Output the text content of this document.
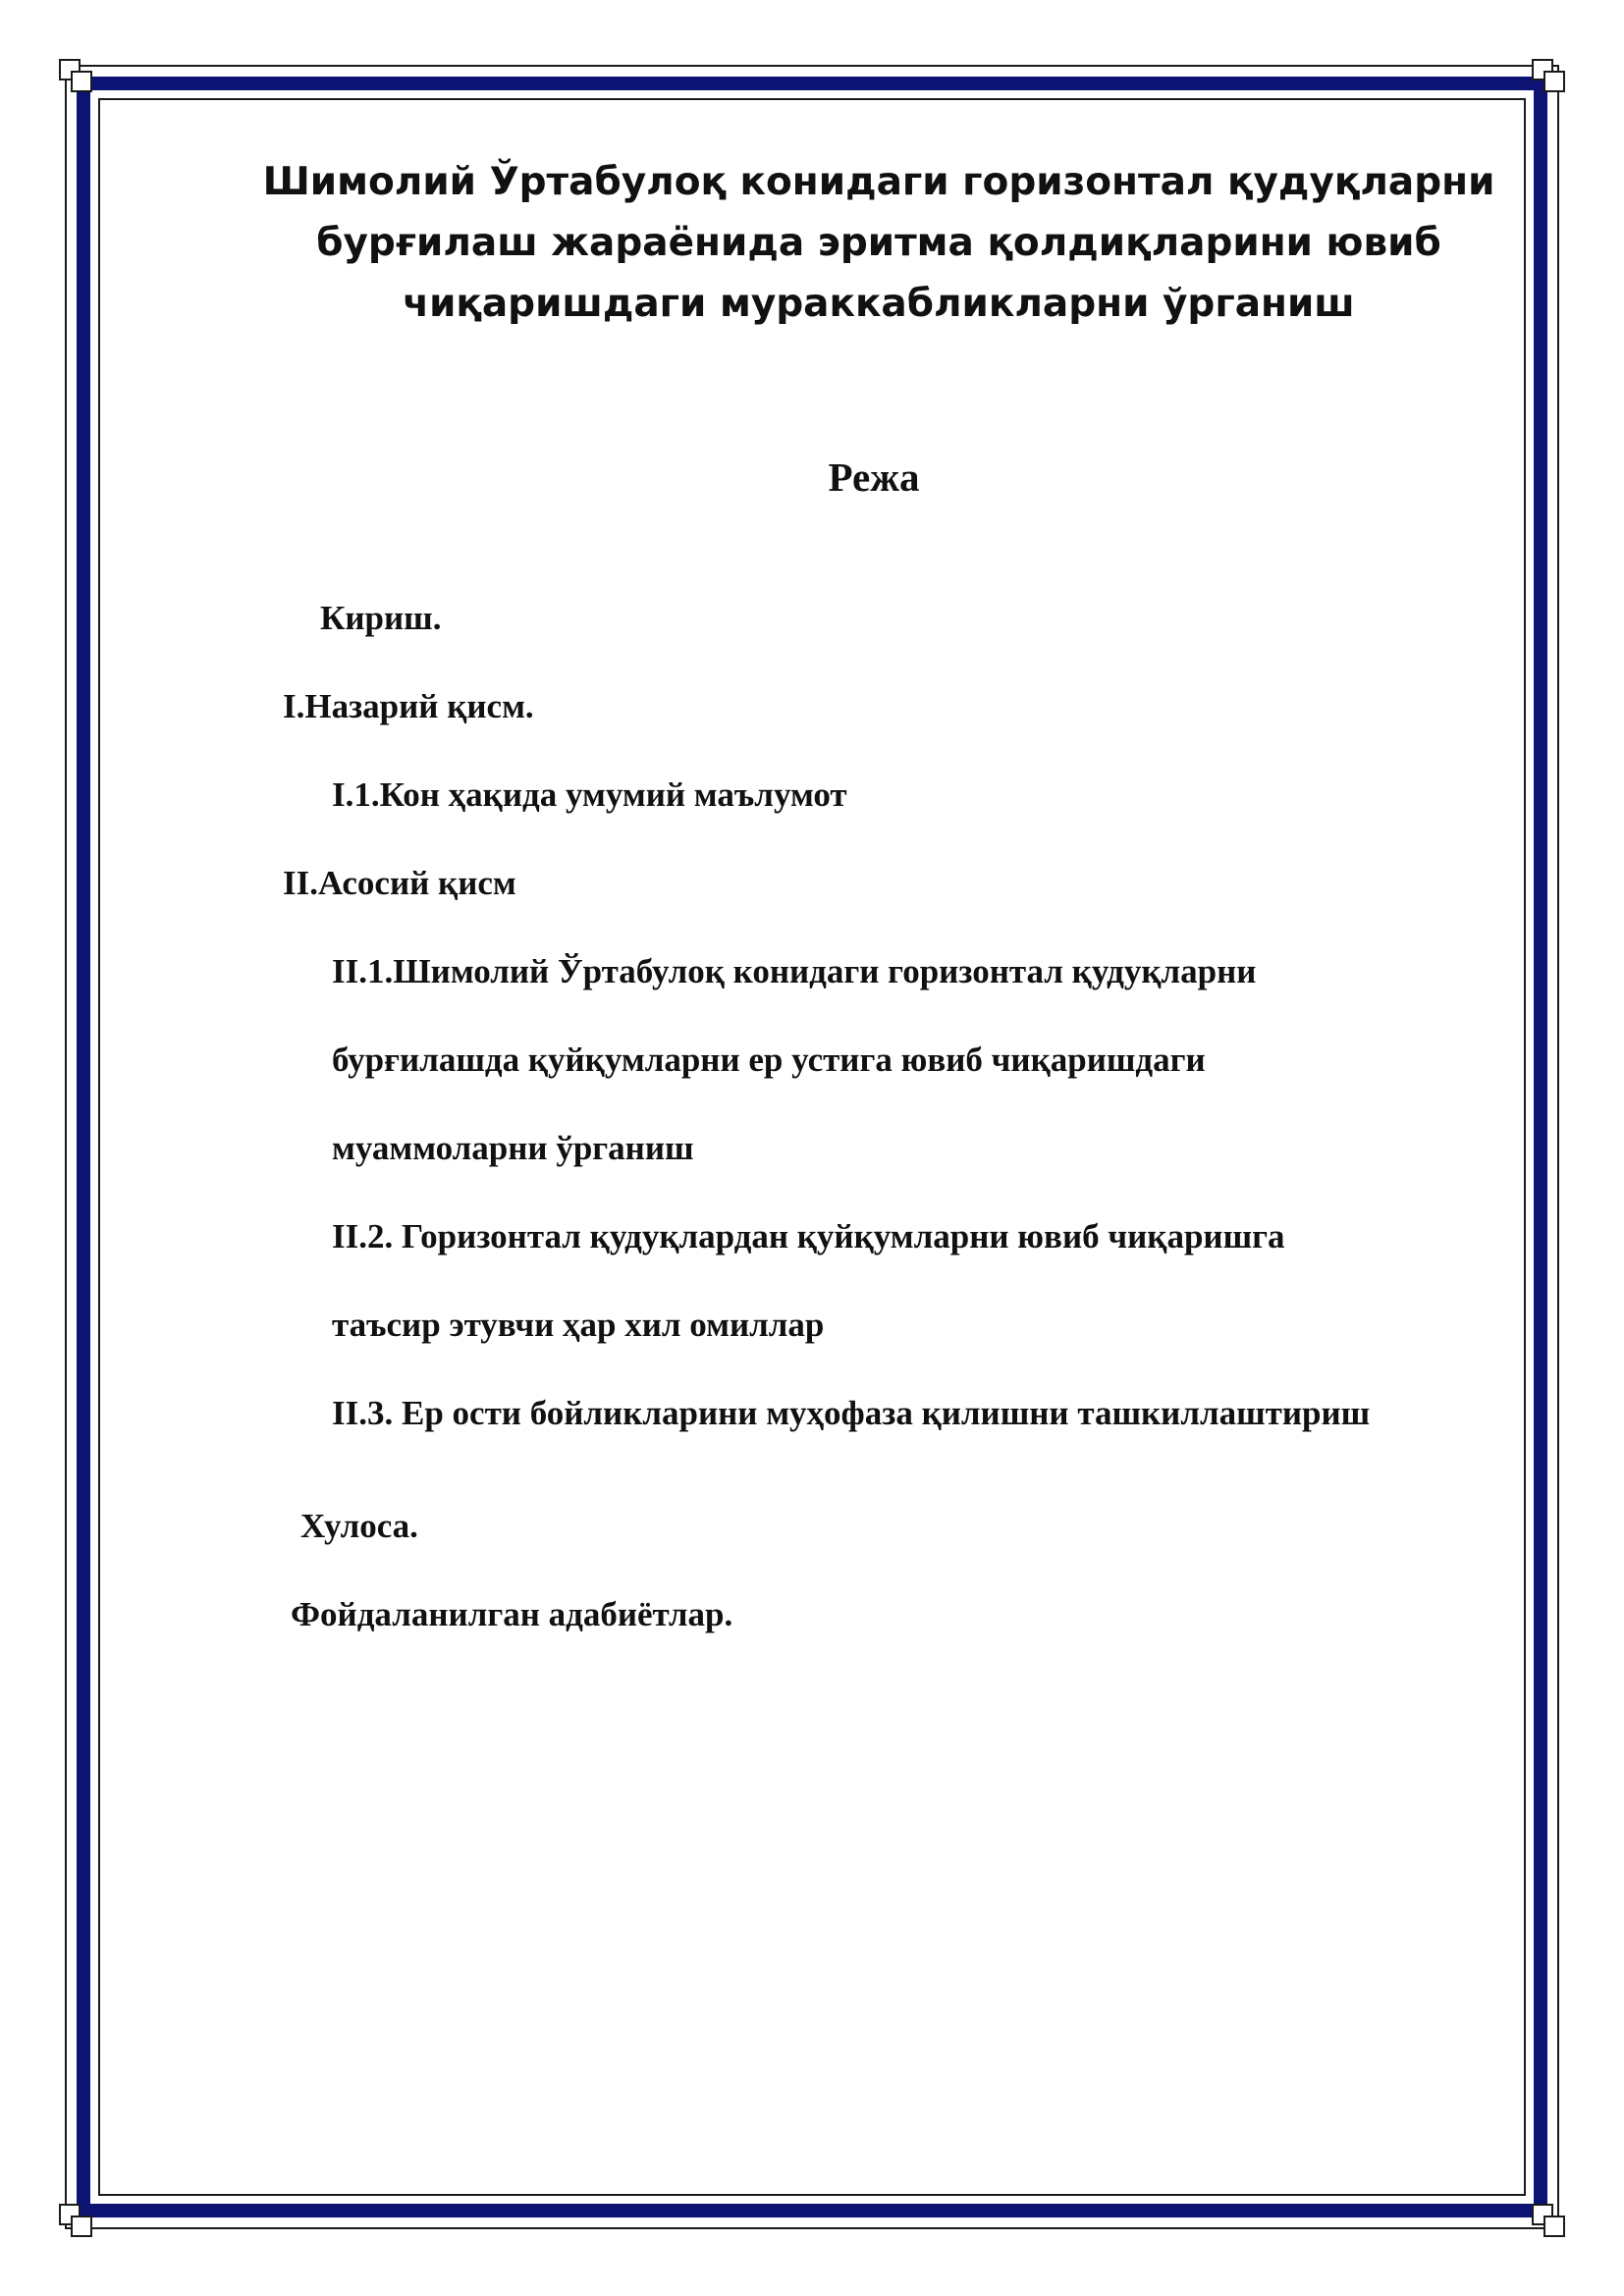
Шимолий Ўртабулоқ конидаги горизонтал қудуқларни
бурғилаш жараёнида эритма қолдиқларини ювиб
чиқаришдаги мураккабликларни ўрганиш
Режа
Кириш.
I.Назарий қисм.
I.1.Кон ҳақида умумий маълумот
II.Асосий қисм
II.1.Шимолий Ўртабулоқ конидаги горизонтал қудуқларни
бурғилашда қуйқумларни ер устига ювиб чиқаришдаги
муаммоларни ўрганиш
II.2. Горизонтал қудуқлардан қуйқумларни ювиб чиқаришга
таъсир этувчи ҳар хил омиллар
II.3. Ер ости бойликларини муҳофаза қилишни ташкиллаштириш
Хулоса.
Фойдаланилган адабиётлар.
